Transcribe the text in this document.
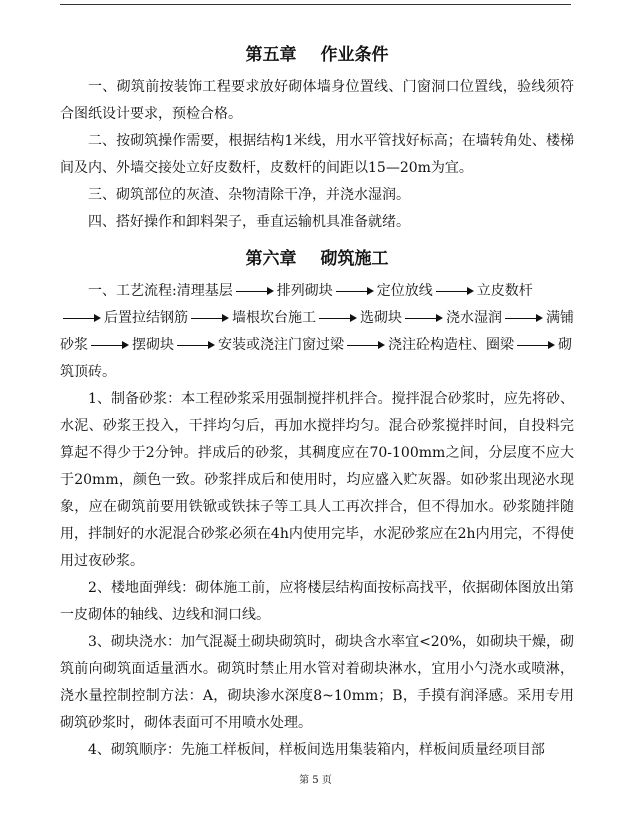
第五章 作业条件

一、砌筑前按装饰工程要求放好砌体墙身位置线、门窗洞口位置线，验线须符合图纸设计要求，预检合格。

二、按砌筑操作需要，根据结构1米线，用水平管找好标高；在墙转角处、楼梯间及内、外墙交接处立好皮数杆，皮数杆的间距以15—20m为宜。

三、砌筑部位的灰渣、杂物清除干净，并浇水湿润。

四、搭好操作和卸料架子，垂直运输机具准备就绪。

第六章 砌筑施工

一、工艺流程:清理基层	排列砌块	定位放线	立皮数杆后置拉结钢筋	墙根坎台施工	选砌块	浇水湿润	满铺砂浆	摆砌块	安装或浇注门窗过梁	浇注砼构造柱、圈梁	砌筑顶砖。

1、制备砂浆：本工程砂浆采用强制搅拌机拌合。搅拌混合砂浆时，应先将砂、水泥、砂浆王投入，干拌均匀后，再加水搅拌均匀。混合砂浆搅拌时间，自投料完算起不得少于2分钟。拌成后的砂浆，其稠度应在70-100mm之间，分层度不应大于20mm，颜色一致。砂浆拌成后和使用时，均应盛入贮灰器。如砂浆出现泌水现象，应在砌筑前要用铁锨或铁抹子等工具人工再次拌合，但不得加水。砂浆随拌随用，拌制好的水泥混合砂浆必须在4h内使用完毕，水泥砂浆应在2h内用完，不得使用过夜砂浆。

2、楼地面弹线：砌体施工前，应将楼层结构面按标高找平，依据砌体图放出第一皮砌体的轴线、边线和洞口线。

3、砌块浇水：加气混凝土砌块砌筑时，砌块含水率宜<20%，如砌块干燥，砌筑前向砌筑面适量洒水。砌筑时禁止用水管对着砌块淋水，宜用小勺浇水或喷淋，浇水量控制控制方法：A，砌块渗水深度8~10mm；B，手摸有润泽感。采用专用砌筑砂浆时，砌体表面可不用喷水处理。

4、砌筑顺序：先施工样板间，样板间选用集装箱内，样板间质量经项目部

第 5 页
